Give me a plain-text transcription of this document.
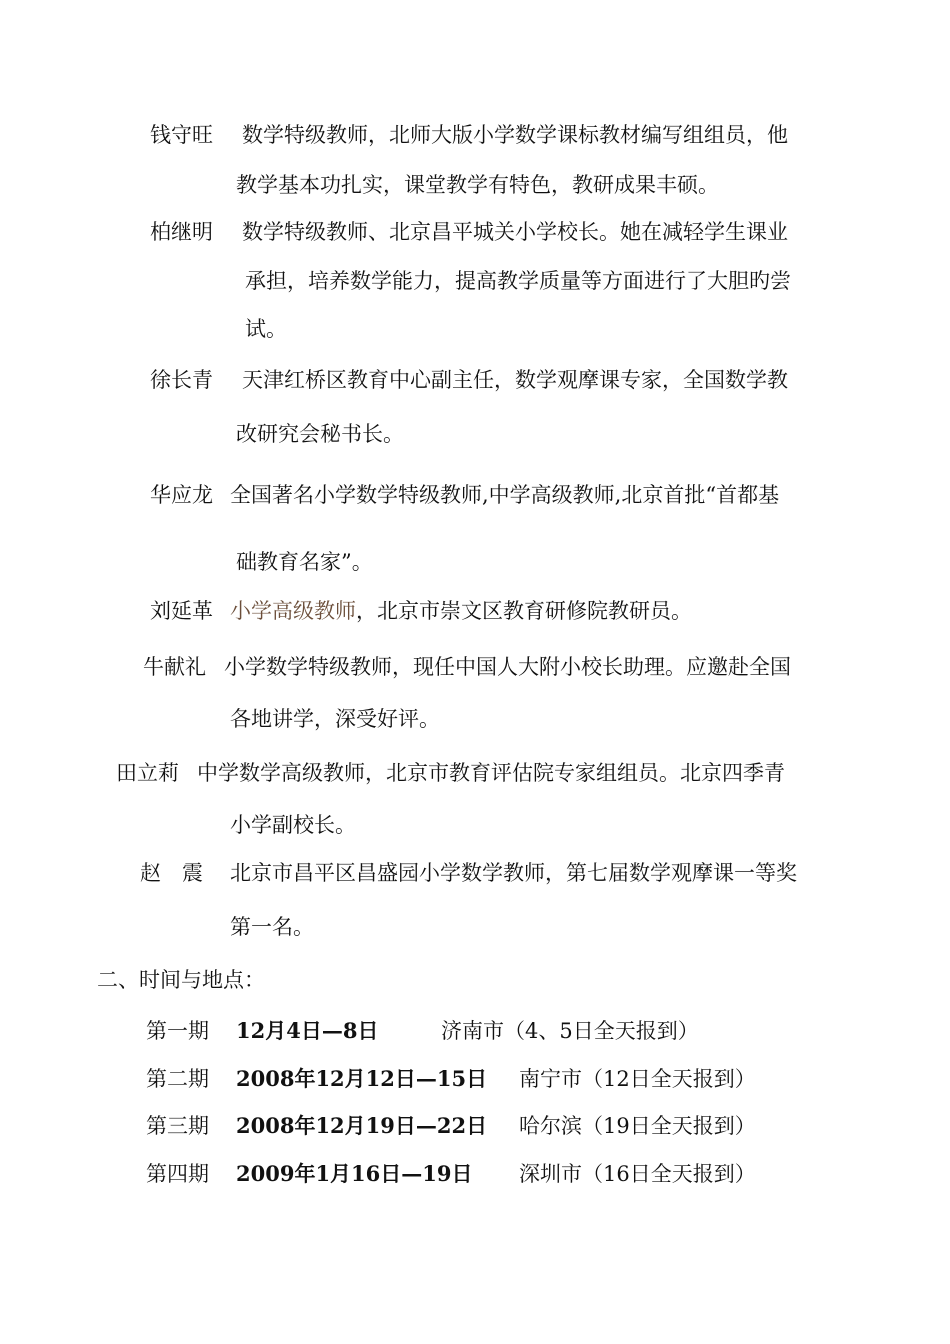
钱守旺 数学特级教师，北师大版小学数学课标教材编写组组员，他
教学基本功扎实，课堂教学有特色，教研成果丰硕。
柏继明 数学特级教师、北京昌平城关小学校长。她在减轻学生课业
承担，培养数学能力，提高教学质量等方面进行了大胆旳尝
试。
徐长青 天津红桥区教育中心副主任，数学观摩课专家，全国数学教
改研究会秘书长。
华应龙 全国著名小学数学特级教师,中学高级教师,北京首批“首都基
础教育名家”。
刘延革 小学高级教师，北京市崇文区教育研修院教研员。
牛献礼 小学数学特级教师，现任中国人大附小校长助理。应邀赴全国
各地讲学，深受好评。
田立莉 中学数学高级教师，北京市教育评估院专家组组员。北京四季青
小学副校长。
赵　震 北京市昌平区昌盛园小学数学教师，第七届数学观摩课一等奖
第一名。
二、时间与地点：
第一期 12月4日—8日	济南市（4、5日全天报到）
第二期 2008年12月12日—15日 南宁市（12日全天报到）
第三期 2008年12月19日—22日 哈尔滨（19日全天报到）
第四期 2009年1月16日—19日 深圳市（16日全天报到）
